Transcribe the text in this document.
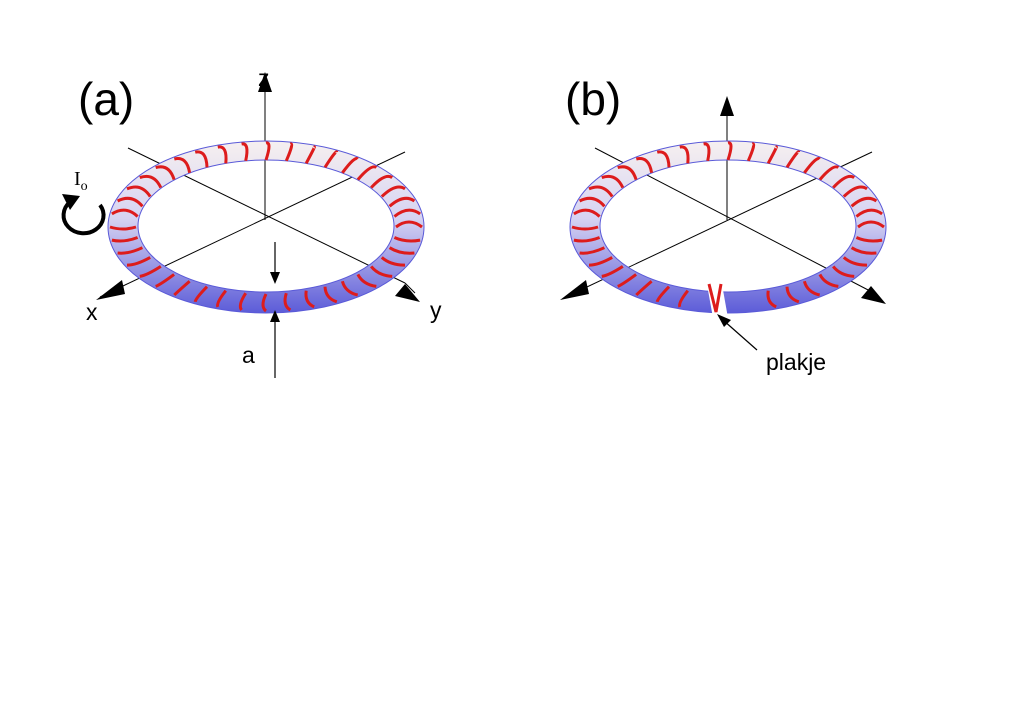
(a)	z
x	y
a
$I_o$
(b)
plakje
